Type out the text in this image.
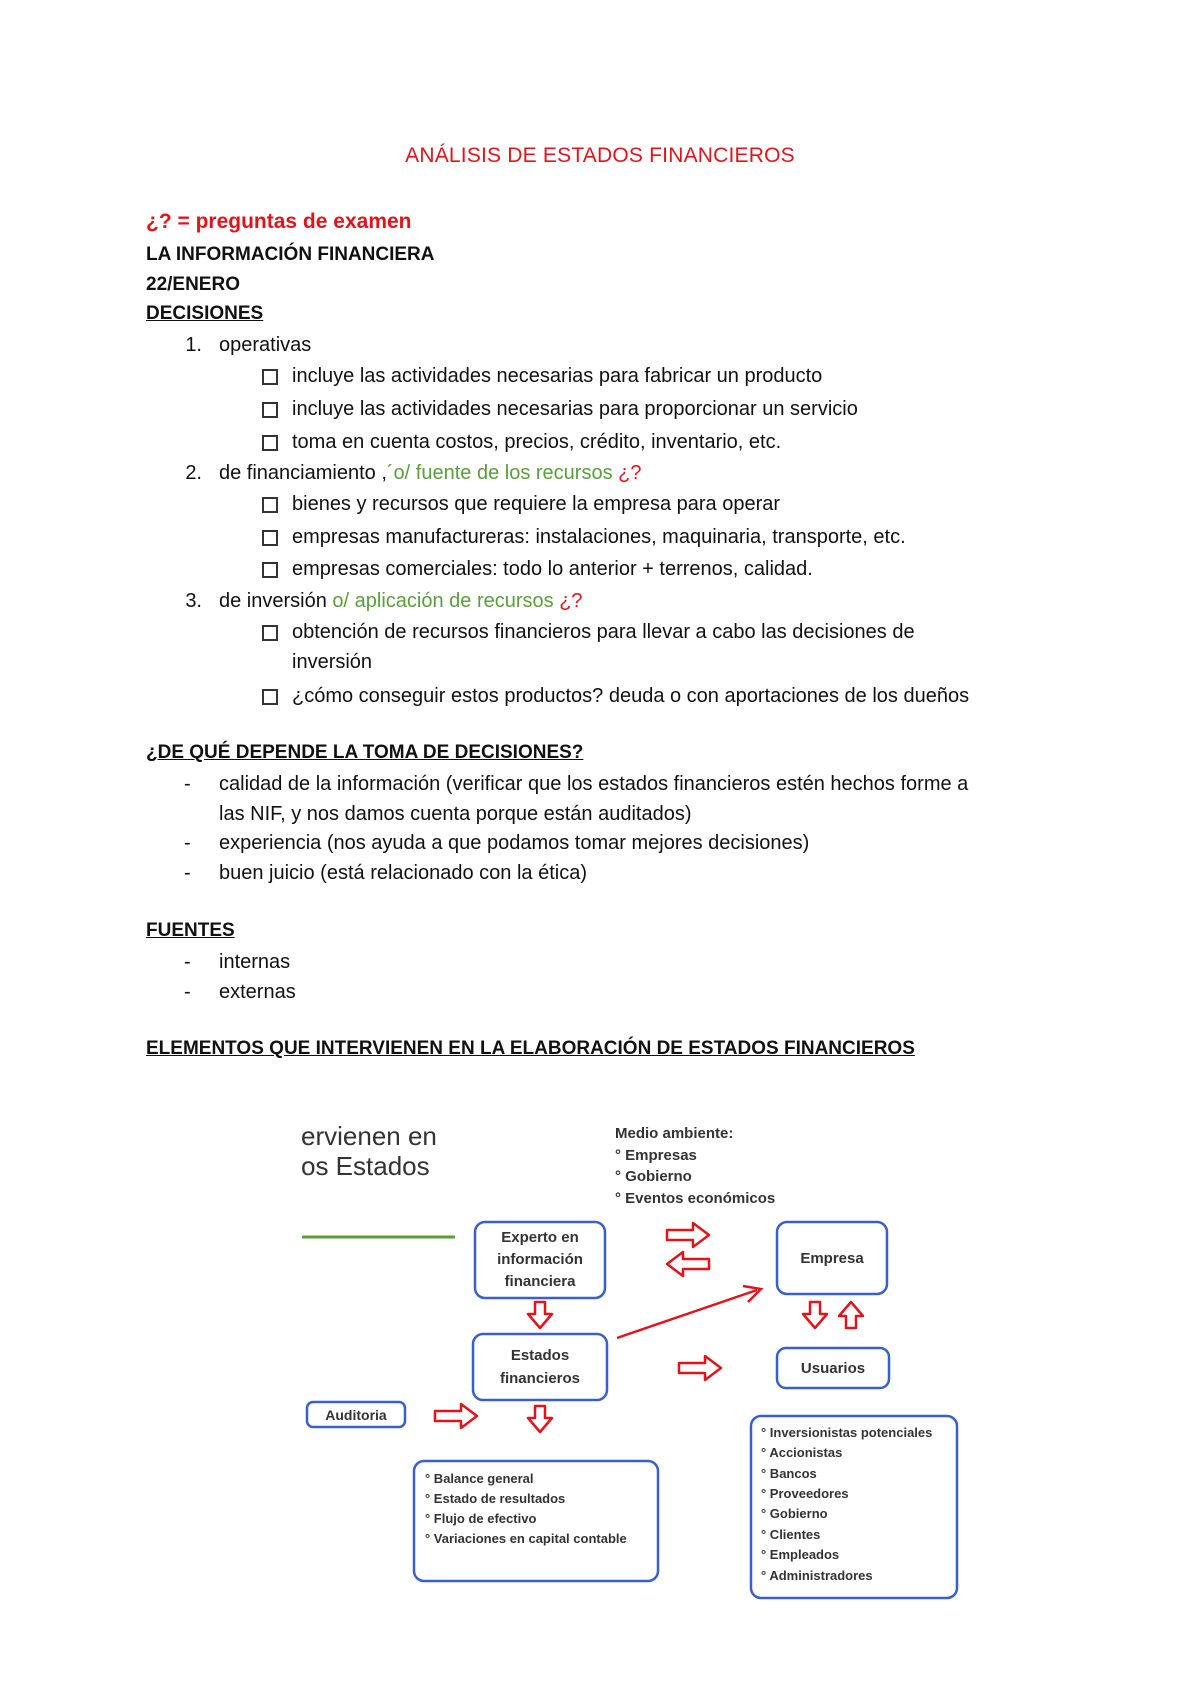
ANÁLISIS DE ESTADOS FINANCIEROS
¿? = preguntas de examen
LA INFORMACIÓN FINANCIERA
22/ENERO
DECISIONES
1. operativas
incluye las actividades necesarias para fabricar un producto
incluye las actividades necesarias para proporcionar un servicio
toma en cuenta costos, precios, crédito, inventario, etc.
2. de financiamiento ,´o/ fuente de los recursos ¿?
bienes y recursos que requiere la empresa para operar
empresas manufactureras: instalaciones, maquinaria, transporte, etc.
empresas comerciales: todo lo anterior + terrenos, calidad.
3. de inversión o/ aplicación de recursos ¿?
obtención de recursos financieros para llevar a cabo las decisiones de
inversión
¿cómo conseguir estos productos? deuda o con aportaciones de los dueños
¿DE QUÉ DEPENDE LA TOMA DE DECISIONES?
- calidad de la información (verificar que los estados financieros estén hechos forme a
las NIF, y nos damos cuenta porque están auditados)
- experiencia (nos ayuda a que podamos tomar mejores decisiones)
- buen juicio (está relacionado con la ética)
FUENTES
- internas
- externas
ELEMENTOS QUE INTERVIENEN EN LA ELABORACIÓN DE ESTADOS FINANCIEROS
ervienen en
os Estados
Medio ambiente:
° Empresas
° Gobierno
° Eventos económicos
Experto en
información
financiera
Empresa
Estados
financieros
Usuarios
Auditoria
° Balance general
° Estado de resultados
° Flujo de efectivo
° Variaciones en capital contable
° Inversionistas potenciales
° Accionistas
° Bancos
° Proveedores
° Gobierno
° Clientes
° Empleados
° Administradores
